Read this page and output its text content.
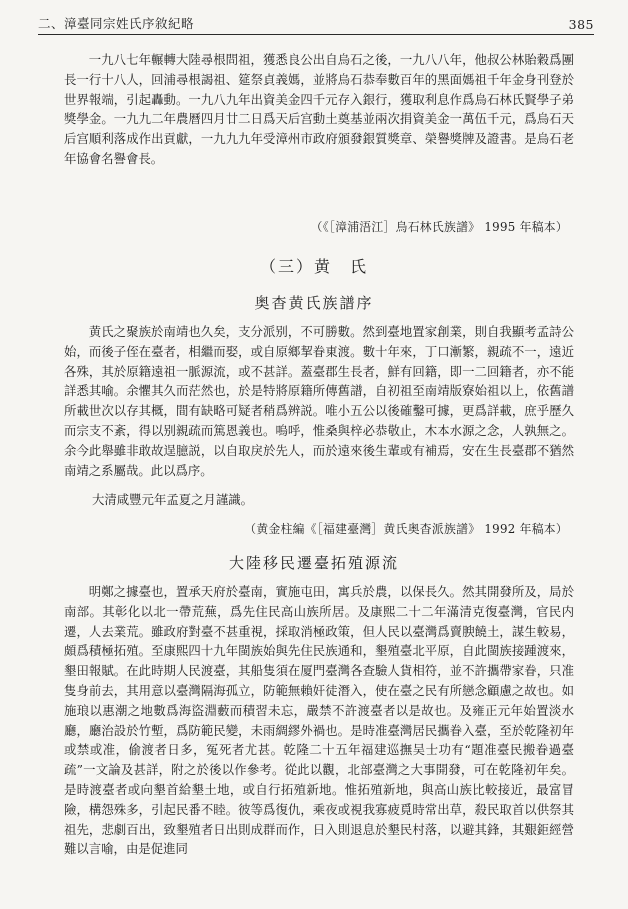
二、漳臺同宗姓氏序敘紀略	385

一九八七年輾轉大陸尋根問祖，獲悉良公出自烏石之後，一九八八年，他叔公林貽穀爲團長一行十八人，回浦尋根謁祖、筵祭貞義媽，並將烏石恭奉數百年的黑面媽祖千年金身刊登於世界報端，引起轟動。一九八九年出資美金四千元存入銀行，獲取利息作爲烏石林氏賢學子弟獎學金。一九九二年農曆四月廿二日爲天后宫動土奠基並兩次捐資美金一萬伍千元，爲烏石天后宫順利落成作出貢獻，一九九九年受漳州市政府頒發銀質獎章、榮譽獎牌及證書。是烏石老年協會名譽會長。

（《［漳浦浯江］烏石林氏族譜》 1995 年稿本）
（三）黄　氏
奥杳黄氏族譜序

黄氏之聚族於南靖也久矣，支分派别，不可勝數。然到臺地置家創業，則自我顯考孟詩公始，而後子侄在臺者，相繼而娶，或自原鄉挈眷東渡。數十年來，丁口漸繁，親疏不一，遠近各殊，其於原籍遠祖一脈源流，或不甚詳。蓋臺郡生長者，鮮有回籍，即一二回籍者，亦不能詳悉其喻。余懼其久而茫然也，於是特將原籍所傳舊譜，自初祖至南靖版寮始祖以上，依舊譜所載世次以存其概，間有缺略可疑者稍爲辨説。唯小五公以後確鑿可據，更爲詳載，庶乎歷久而宗支不紊，得以别親疏而篤恩義也。嗚呼，惟桑與梓必恭敬止，木本水源之念，人孰無之。余今此舉雖非敢故逞臆説，以自取戾於先人，而於遠來後生輩或有補焉，安在生長臺郡不猶然南靖之系屬哉。此以爲序。

大清咸豐元年孟夏之月謹識。
（黄金柱編《［福建臺灣］黄氏奥杳派族譜》 1992 年稿本）
大陸移民遷臺拓殖源流

明鄭之據臺也，置承天府於臺南，實施屯田，寓兵於農，以保長久。然其開發所及，局於南部。其彰化以北一帶荒蕪，爲先住民高山族所居。及康熙二十二年滿清克復臺灣，官民内遷，人去業荒。雖政府對臺不甚重視，採取消極政策，但人民以臺灣爲賣腴饒土，謀生較易，頗爲積極拓殖。至康熙四十九年閩族始與先住民族通和，墾殖臺北平原，自此閩族接踵渡來，墾田報賦。在此時期人民渡臺，其船隻須在厦門臺灣各查驗人貨相符，並不許攜帶家眷，只准隻身前去，其用意以臺灣隔海孤立，防範無賴奸徒潛入，使在臺之民有所戀念顧慮之故也。如施琅以惠潮之地數爲海盜淵藪而積習未忘，嚴禁不許渡臺者以是故也。及雍正元年始置淡水廳，廳治設於竹塹，爲防範民變，未雨綢繆外禍也。是時准臺灣居民攜眷入臺，至於乾隆初年或禁或准，偷渡者日多，冤死者尤甚。乾隆二十五年福建巡撫吴士功有“題准臺民搬眷過臺疏”一文論及甚詳，附之於後以作參考。從此以觀，北部臺灣之大事開發，可在乾隆初年矣。是時渡臺者或向墾首給墾土地，或自行拓殖新地。惟拓殖新地，與高山族比較接近，最富冒險，構怨殊多，引起民番不睦。彼等爲復仇，乘夜或視我寡疲覓時常出草，殺民取首以供祭其祖先，悲劇百出，致墾殖者日出則成群而作，日入則退息於墾民村落，以避其鋒，其艱鉅經營難以言喻，由是促進同
